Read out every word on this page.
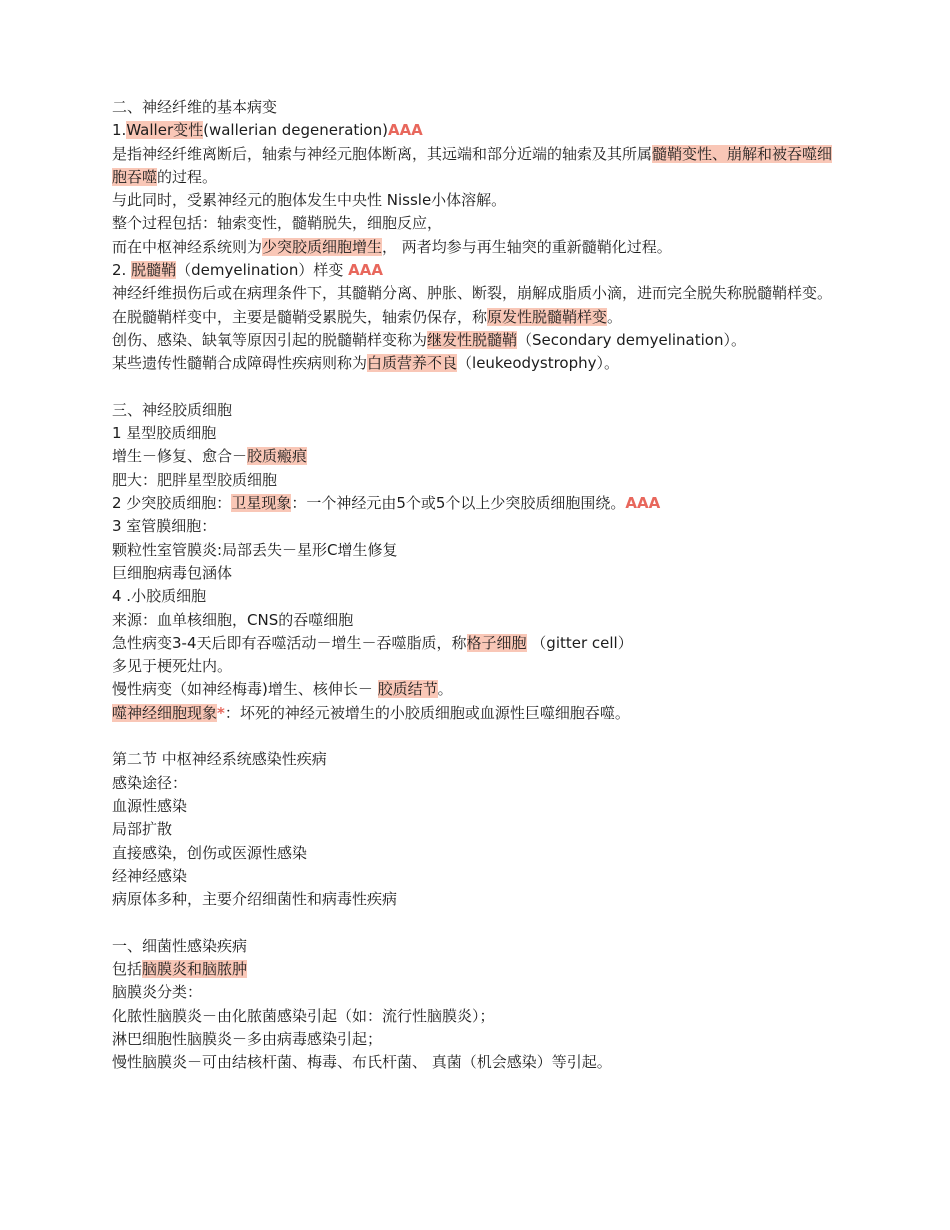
二、神经纤维的基本病变
1.Waller变性(wallerian degeneration)AAA
是指神经纤维离断后，轴索与神经元胞体断离，其远端和部分近端的轴索及其所属髓鞘变性、崩解和被吞噬细胞吞噬的过程。
与此同时，受累神经元的胞体发生中央性 Nissle小体溶解。
整个过程包括：轴索变性，髓鞘脱失，细胞反应，
而在中枢神经系统则为少突胶质细胞增生， 两者均参与再生轴突的重新髓鞘化过程。
2. 脱髓鞘（demyelination）样变 AAA
神经纤维损伤后或在病理条件下，其髓鞘分离、肿胀、断裂，崩解成脂质小滴，进而完全脱失称脱髓鞘样变。
在脱髓鞘样变中，主要是髓鞘受累脱失，轴索仍保存，称原发性脱髓鞘样变。
创伤、感染、缺氧等原因引起的脱髓鞘样变称为继发性脱髓鞘（Secondary demyelination）。
某些遗传性髓鞘合成障碍性疾病则称为白质营养不良（leukeodystrophy）。
三、神经胶质细胞
1 星型胶质细胞
增生－修复、愈合－胶质瘢痕
肥大：肥胖星型胶质细胞
2 少突胶质细胞：卫星现象：一个神经元由5个或5个以上少突胶质细胞围绕。AAA
3 室管膜细胞：
颗粒性室管膜炎:局部丢失－星形C增生修复
巨细胞病毒包涵体
4 .小胶质细胞
来源：血单核细胞，CNS的吞噬细胞
急性病变3-4天后即有吞噬活动－增生－吞噬脂质，称格子细胞 （gitter cell）
多见于梗死灶内。
慢性病变（如神经梅毒)增生、核伸长－ 胶质结节。
噬神经细胞现象*：坏死的神经元被增生的小胶质细胞或血源性巨噬细胞吞噬。
第二节 中枢神经系统感染性疾病
感染途径：
血源性感染
局部扩散
直接感染，创伤或医源性感染
经神经感染
病原体多种，主要介绍细菌性和病毒性疾病
一、细菌性感染疾病
包括脑膜炎和脑脓肿
脑膜炎分类：
化脓性脑膜炎－由化脓菌感染引起（如：流行性脑膜炎）；
淋巴细胞性脑膜炎－多由病毒感染引起；
慢性脑膜炎－可由结核杆菌、梅毒、布氏杆菌、 真菌（机会感染）等引起。
